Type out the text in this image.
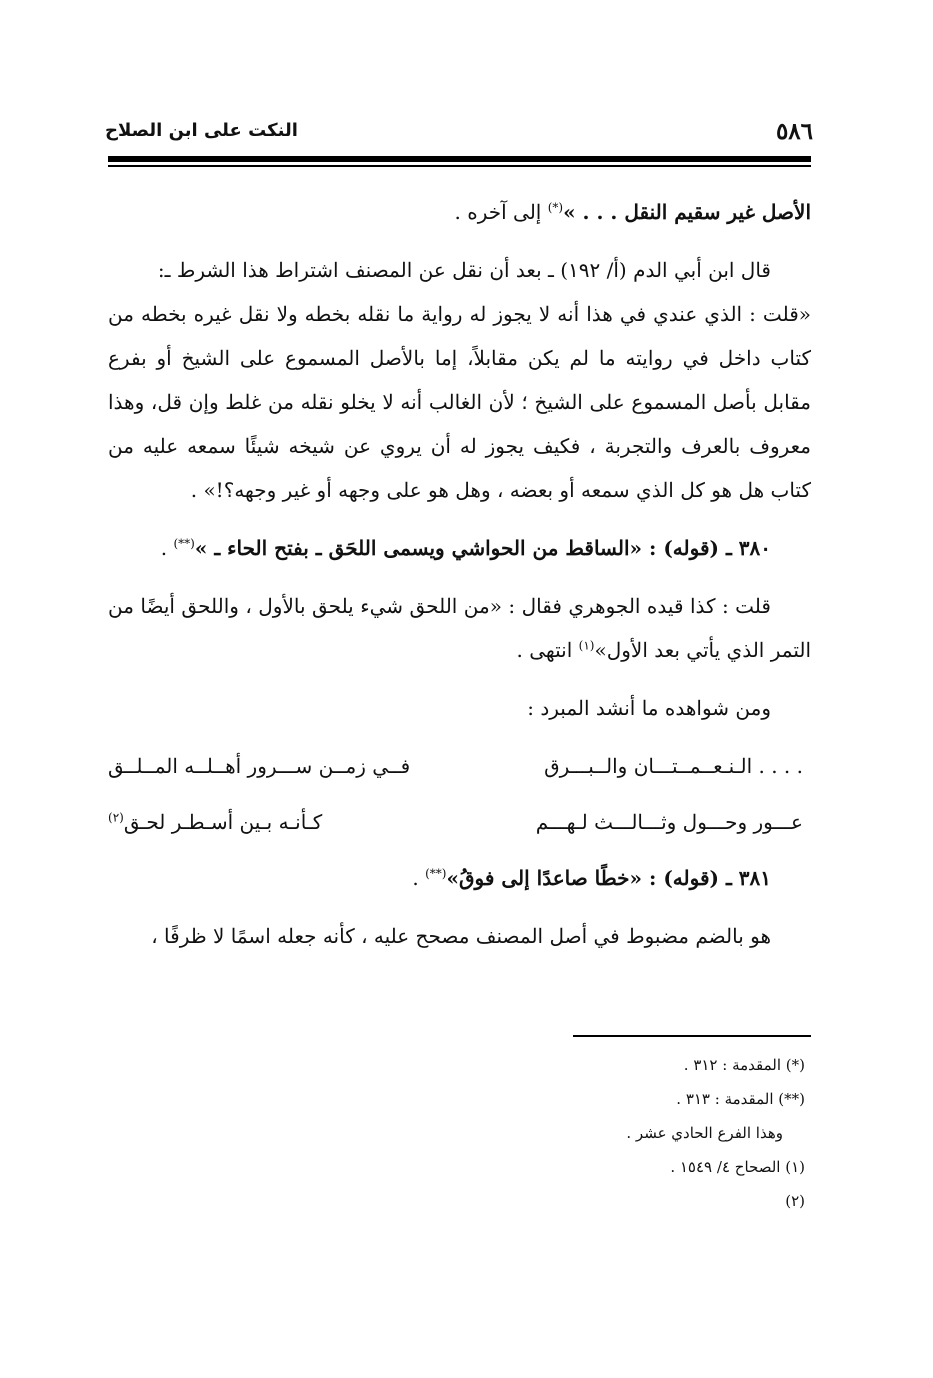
٥٨٦
النكت على ابن الصلاح

الأصل غير سقيم النقل . . . »(*) إلى آخره .

قال ابن أبي الدم (أ/ ١٩٢) ـ بعد أن نقل عن المصنف اشتراط هذا الشرط ـ:

«قلت : الذي عندي في هذا أنه لا يجوز له رواية ما نقله بخطه ولا نقل غيره بخطه من كتاب داخل في روايته ما لم يكن مقابلاً، إما بالأصل المسموع على الشيخ أو بفرع مقابل بأصل المسموع على الشيخ ؛ لأن الغالب أنه لا يخلو نقله من غلط وإن قل، وهذا معروف بالعرف والتجربة ، فكيف يجوز له أن يروي عن شيخه شيئًا سمعه عليه من كتاب هل هو كل الذي سمعه أو بعضه ، وهل هو على وجهه أو غير وجهه؟!» .

٣٨٠ ـ (قوله) : «الساقط من الحواشي ويسمى اللحَق ـ بفتح الحاء ـ »(**) .

قلت : كذا قيده الجوهري فقال : «من اللحق شيء يلحق بالأول ، واللحق أيضًا من التمر الذي يأتي بعد الأول»$^{(١)}$ انتهى .

ومن شواهده ما أنشد المبرد :

. . . . الـنـعــمــتـــان والــبـــرق
فــي زمــن ســـرور أهــلــه المــلــق
عـــور وحـــول وثـــالـــث لـهـــم
كـأنـه بـين أسـطـر لحـق$^{(٢)}$

٣٨١ ـ (قوله) : «خطًا صاعدًا إلى فوقُ»(**) .

هو بالضم مضبوط في أصل المصنف مصحح عليه ، كأنه جعله اسمًا لا ظرفًا ،

(*) المقدمة : ٣١٢ .
(**) المقدمة : ٣١٣ .
وهذا الفرع الحادي عشر .
(١) الصحاح ٤/ ١٥٤٩ .
(٢)
